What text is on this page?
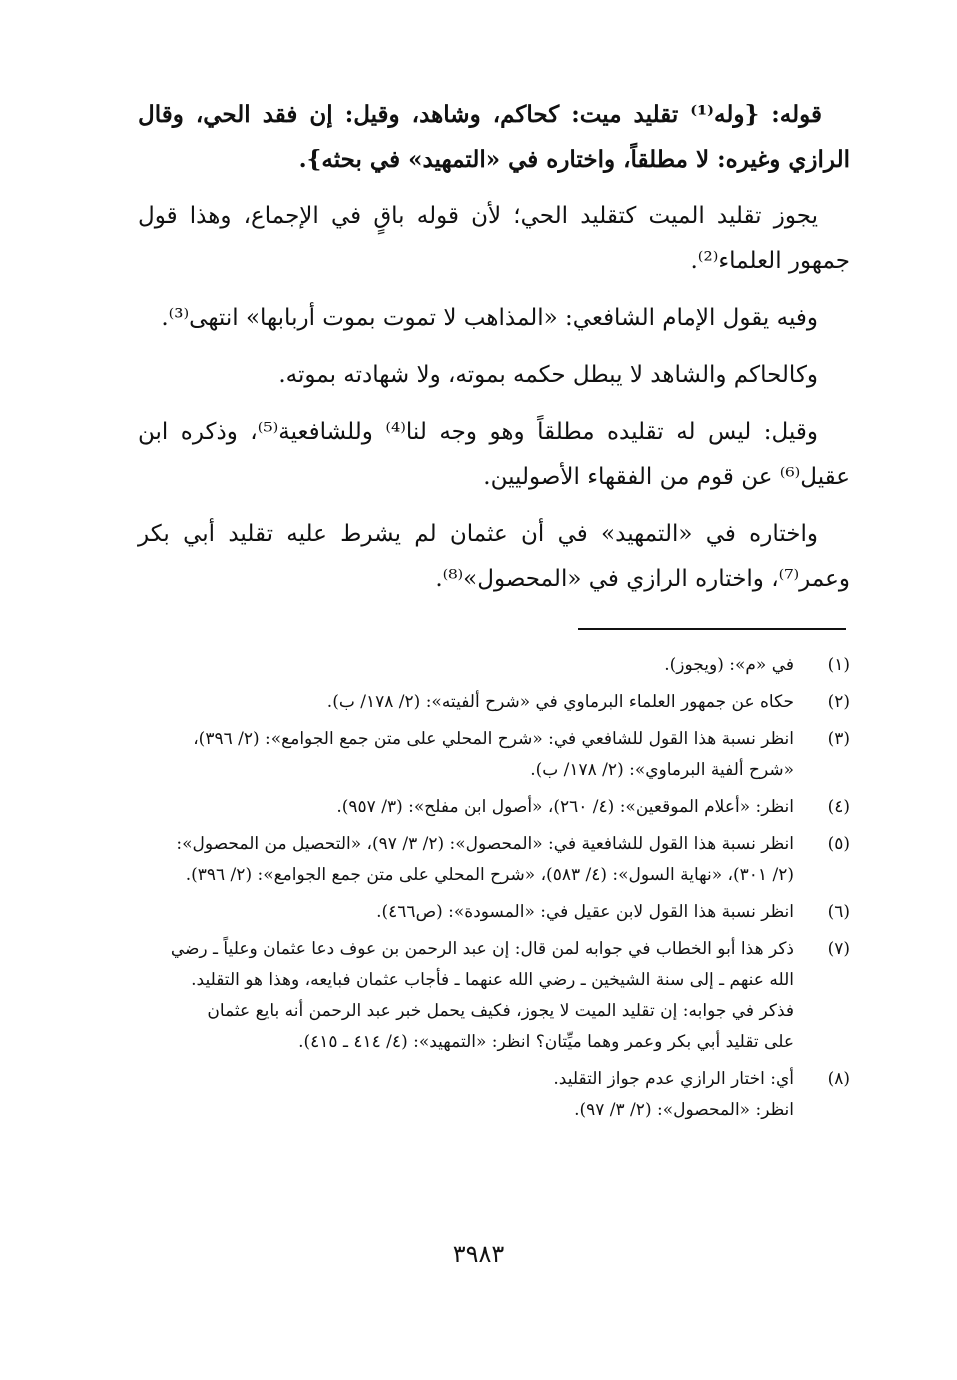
قوله: {وله⁽¹⁾ تقليد ميت: كحاكم، وشاهد، وقيل: إن فقد الحي، وقال الرازي وغيره: لا مطلقاً، واختاره في «التمهيد» في بحثه}.

يجوز تقليد الميت كتقليد الحي؛ لأن قوله باقٍ في الإجماع، وهذا قول جمهور العلماء⁽²⁾.

وفيه يقول الإمام الشافعي: «المذاهب لا تموت بموت أربابها» انتهى⁽³⁾.

وكالحاكم والشاهد لا يبطل حكمه بموته، ولا شهادته بموته.

وقيل: ليس له تقليده مطلقاً وهو وجه لنا⁽⁴⁾ وللشافعية⁽⁵⁾، وذكره ابن عقيل⁽⁶⁾ عن قوم من الفقهاء الأصوليين.

واختاره في «التمهيد» في أن عثمان لم يشرط عليه تقليد أبي بكر وعمر⁽⁷⁾، واختاره الرازي في «المحصول»⁽⁸⁾.

(١)
في «م»: (ويجوز).
(٢)
حكاه عن جمهور العلماء البرماوي في «شرح ألفيته»: (٢/ ١٧٨/ ب).
(٣)
انظر نسبة هذا القول للشافعي في: «شرح المحلي على متن جمع الجوامع»: (٢/ ٣٩٦)،
«شرح ألفية البرماوي»: (٢/ ١٧٨/ ب).
(٤)
انظر: «أعلام الموقعين»: (٤/ ٢٦٠)، «أصول ابن مفلح»: (٣/ ٩٥٧).
(٥)
انظر نسبة هذا القول للشافعية في: «المحصول»: (٢/ ٣/ ٩٧)، «التحصيل من المحصول»:
(٢/ ٣٠١)، «نهاية السول»: (٤/ ٥٨٣)، «شرح المحلي على متن جمع الجوامع»: (٢/ ٣٩٦).
(٦)
انظر نسبة هذا القول لابن عقيل في: «المسودة»: (ص٤٦٦).
(٧)
ذكر هذا أبو الخطاب في جوابه لمن قال: إن عبد الرحمن بن عوف دعا عثمان وعلياً ـ رضي
الله عنهم ـ إلى سنة الشيخين ـ رضي الله عنهما ـ فأجاب عثمان فبايعه، وهذا هو التقليد.
فذكر في جوابه: إن تقليد الميت لا يجوز، فكيف يحمل خبر عبد الرحمن أنه بايع عثمان
على تقليد أبي بكر وعمر وهما ميِّتان؟ انظر: «التمهيد»: (٤/ ٤١٤ ـ ٤١٥).
(٨)
أي: اختار الرازي عدم جواز التقليد.
انظر: «المحصول»: (٢/ ٣/ ٩٧).
٣٩٨٣
